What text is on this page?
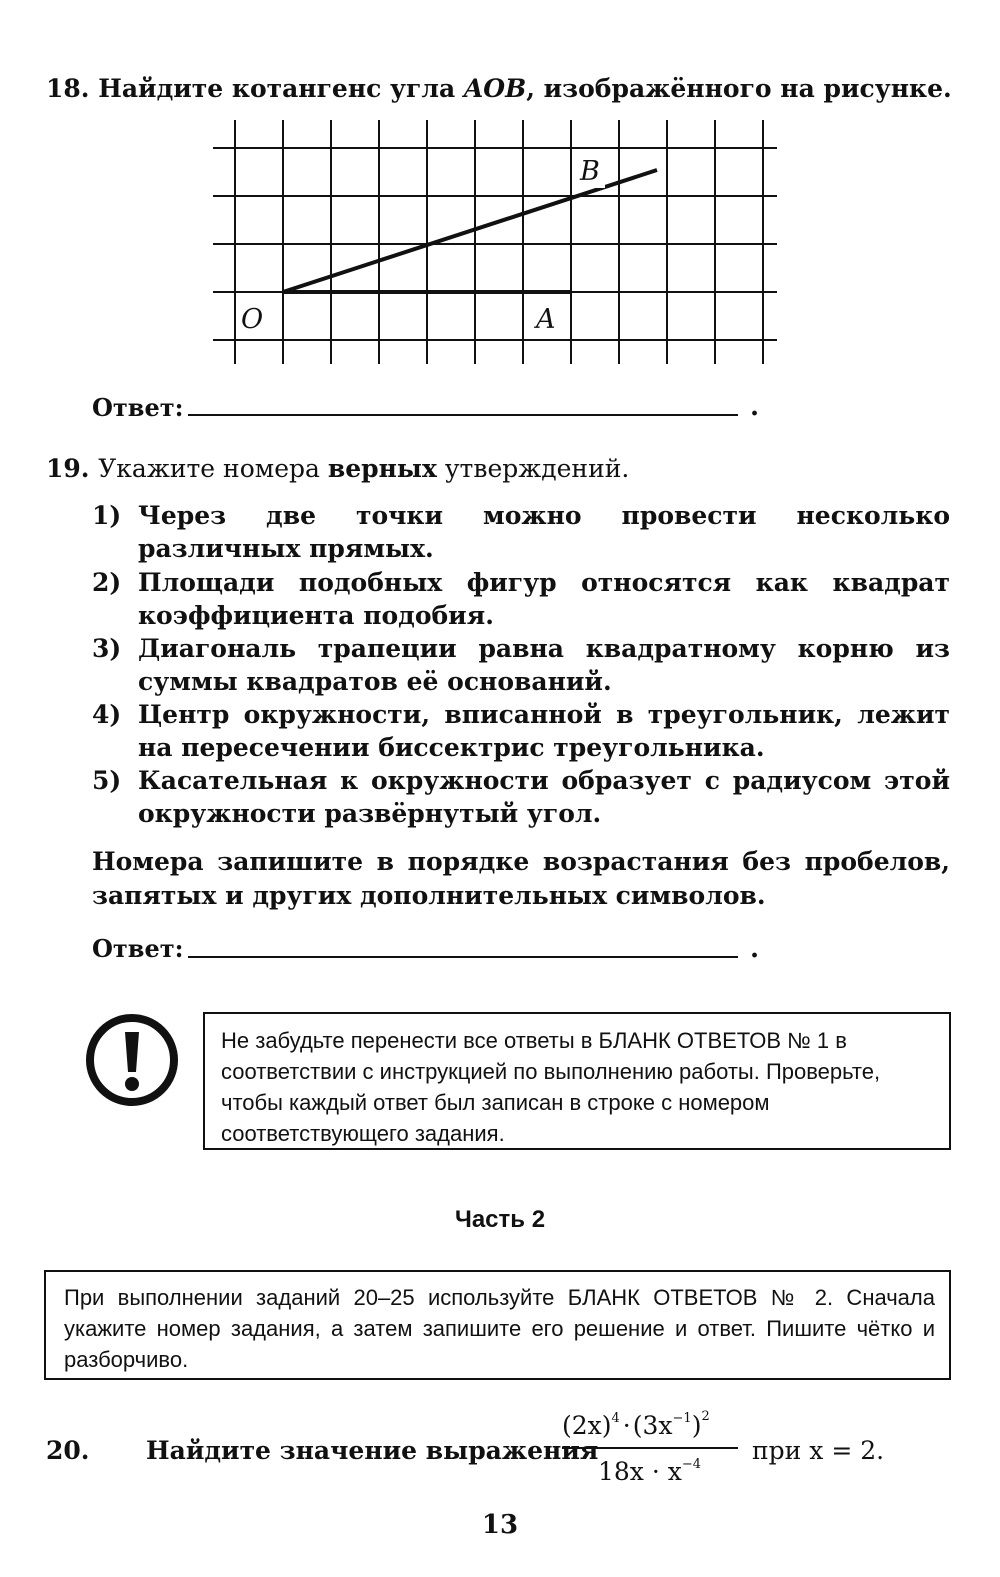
18. Найдите котангенс угла AOB, изображённого на рисунке.
O	A
B
Ответ:	.
19. Укажите номера верных утверждений.
1) Через две точки можно провести несколько различных прямых.
2) Площади подобных фигур относятся как квадрат коэффициента подобия.
3) Диагональ трапеции равна квадратному корню из суммы квадратов её оснований.
4) Центр окружности, вписанной в треугольник, лежит на пересечении биссектрис треугольника.
5) Касательная к окружности образует с радиусом этой окружности развёрнутый угол.
Номера запишите в порядке возрастания без пробелов, запятых и других дополнительных символов.
Ответ:	.
Не забудьте перенести все ответы в БЛАНК ОТВЕТОВ № 1 в соответствии с инструкцией по выполнению работы. Проверьте, чтобы каждый ответ был записан в строке с номером соответствующего задания.
Часть 2
При выполнении заданий 20–25 используйте БЛАНК ОТВЕТОВ № 2. Сначала укажите номер задания, а затем запишите его решение и ответ. Пишите чётко и разборчиво.
20. Найдите значение выражения
$(2x)^4 \cdot(3x^{-1})^2$
$18x \cdot x^{-4}$ при x = 2.
13
